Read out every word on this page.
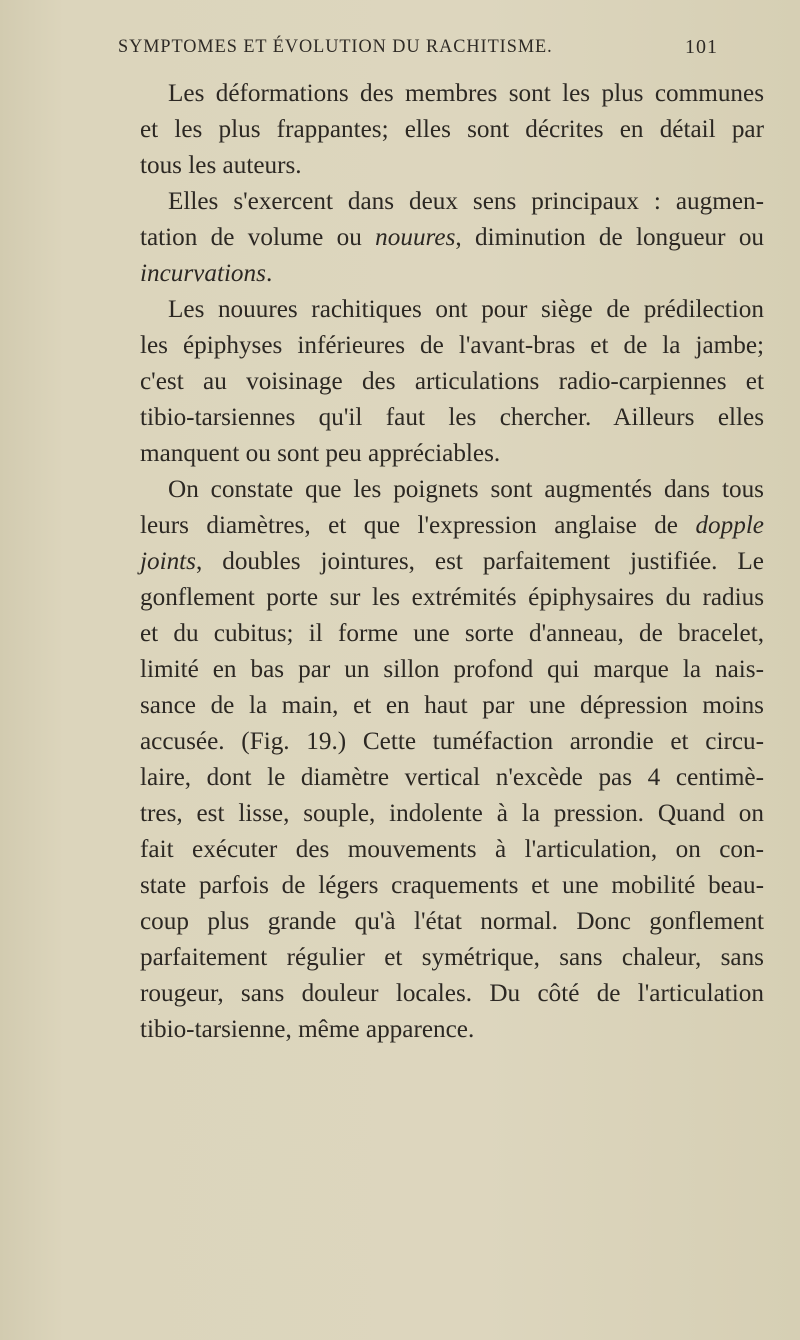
SYMPTOMES ET ÉVOLUTION DU RACHITISME.	101
Les déformations des membres sont les plus communes
et les plus frappantes; elles sont décrites en détail par
tous les auteurs.
Elles s'exercent dans deux sens principaux : augmen-
tation de volume ou nouures, diminution de longueur ou
incurvations.
Les nouures rachitiques ont pour siège de prédilection
les épiphyses inférieures de l'avant-bras et de la jambe;
c'est au voisinage des articulations radio-carpiennes et
tibio-tarsiennes qu'il faut les chercher. Ailleurs elles
manquent ou sont peu appréciables.
On constate que les poignets sont augmentés dans tous
leurs diamètres, et que l'expression anglaise de dopple
joints, doubles jointures, est parfaitement justifiée. Le
gonflement porte sur les extrémités épiphysaires du radius
et du cubitus; il forme une sorte d'anneau, de bracelet,
limité en bas par un sillon profond qui marque la nais-
sance de la main, et en haut par une dépression moins
accusée. (Fig. 19.) Cette tuméfaction arrondie et circu-
laire, dont le diamètre vertical n'excède pas 4 centimè-
tres, est lisse, souple, indolente à la pression. Quand on
fait exécuter des mouvements à l'articulation, on con-
state parfois de légers craquements et une mobilité beau-
coup plus grande qu'à l'état normal. Donc gonflement
parfaitement régulier et symétrique, sans chaleur, sans
rougeur, sans douleur locales. Du côté de l'articulation
tibio-tarsienne, même apparence.
